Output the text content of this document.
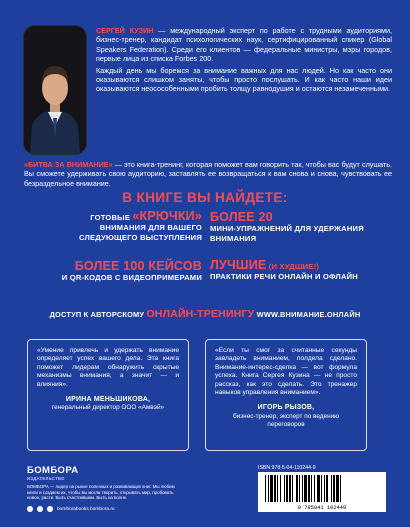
СЕРГЕЙ КУЗИН — международный эксперт по работе с трудными аудиториями, бизнес-тренер, кандидат психологических наук, сертифицированный спикер (Global Speakers Federation). Среди его клиентов — федеральные министры, мэры городов, первые лица из списка Forbes 200.

Каждый день мы боремся за внимание важных для нас людей. Но как часто они оказываются слишком заняты, чтобы просто послушать. И как часто наши идеи оказываются неосособенными пробить толщу равнодушия и остаются незамеченными.

«БИТВА ЗА ВНИМАНИЕ» — это книга-тренинг, которая поможет вам говорить так, чтобы вас будут слушать. Вы сможете удерживать свою аудиторию, заставлять ее возвращаться к вам снова и снова, чувствовать ее безраздельное внимание.

В КНИГЕ ВЫ НАЙДЕТЕ:
ГОТОВЫЕ «КРЮЧКИ»
ВНИМАНИЯ ДЛЯ ВАШЕГО СЛЕДУЮЩЕГО ВЫСТУПЛЕНИЯ
БОЛЕЕ 20
МИНИ-УПРАЖНЕНИЙ ДЛЯ УДЕРЖАНИЯ ВНИМАНИЯ
БОЛЕЕ 100 КЕЙСОВ
И QR-КОДОВ С ВИДЕОПРИМЕРАМИ
ЛУЧШИЕ (И ХУДШИЕ!)
ПРАКТИКИ РЕЧИ ОНЛАЙН И ОФЛАЙН
ДОСТУП К АВТОРСКОМУ ОНЛАЙН-ТРЕНИНГУ WWW.ВНИМАНИЕ.ОНЛАЙН
«Умение привлечь и удержать внимание определяет успех вашего дела. Эта книга поможет лидерам обнаружить скрытые механизмы внимания, а значит — и влияния».
ИРИНА МЕНЬШИКОВА,
генеральный директор ООО «Амвэй»
«Если ты смог за считанные секунды завладеть вниманием, полдела сделано. Внимание-интерес-сделка — вот формула успеха. Книга Сергея Кузина — не просто рассказ, как это сделать. Это тренажер навыков управления вниманием».
ИГОРЬ РЫЗОВ,
бизнес-тренер, эксперт по ведению переговоров
БОМБОРА
ИЗДАТЕЛЬСТВО
БОМБОРА — лидер на рынке полезных и развивающих книг. Мы любим книги и создаем их, чтобы вы могли творить, открывать мир, пробовать новое, расти. Быть счастливыми. Быть на волне.
bomborabooks bombora.ru
ISBN 978-5-04-110244-9
9 785041 102449
